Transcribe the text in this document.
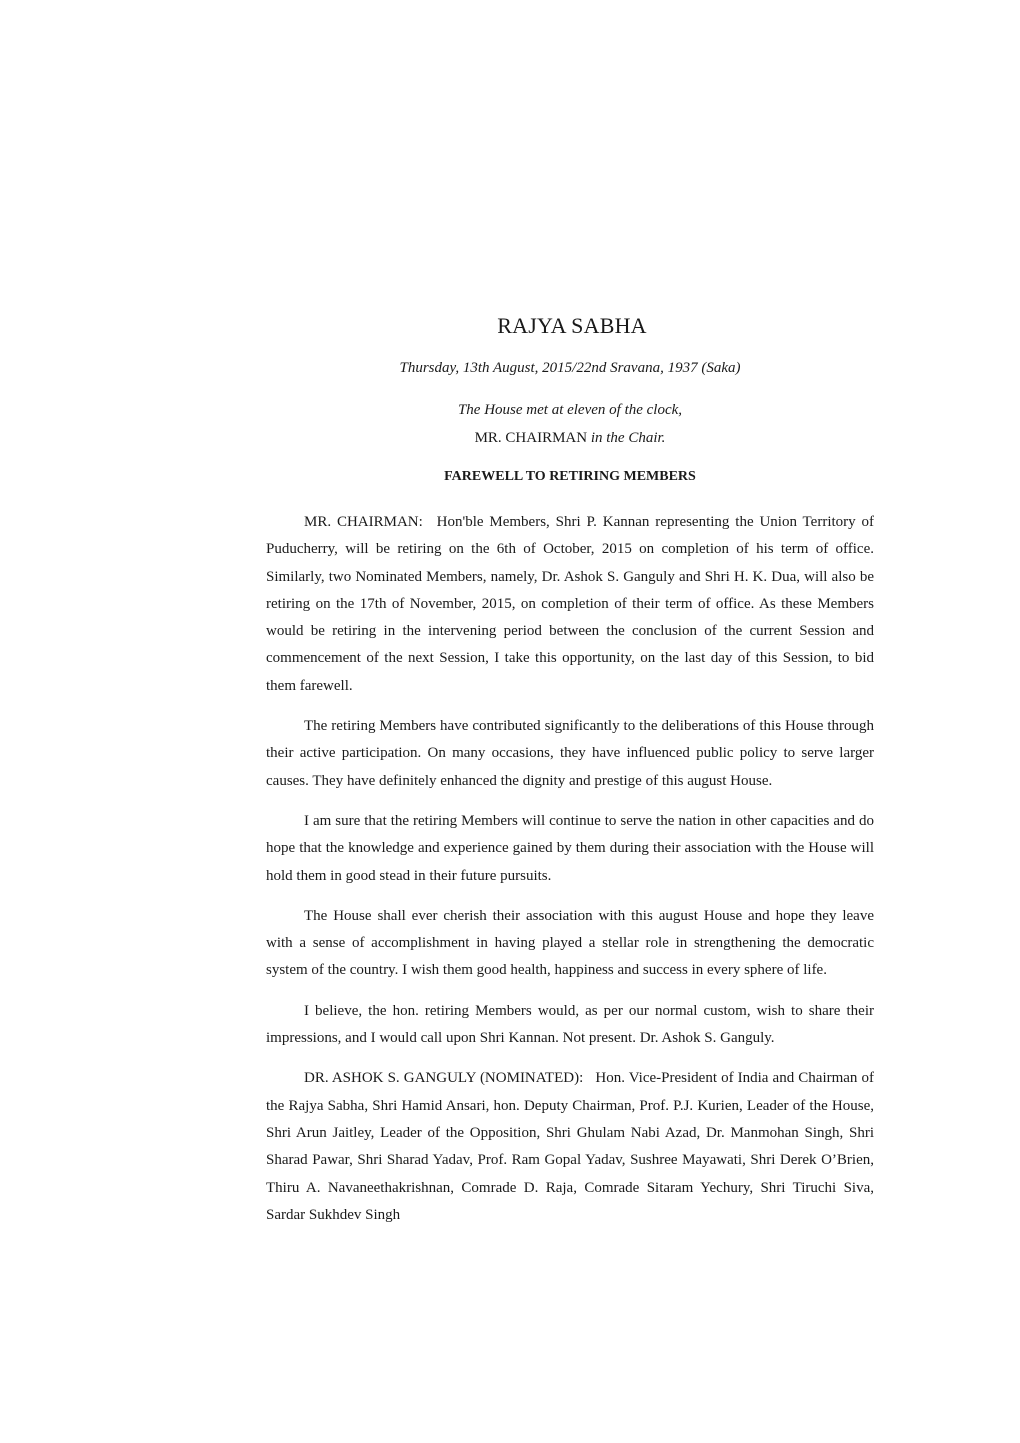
RAJYA SABHA
Thursday, 13th August, 2015/22nd Sravana, 1937 (Saka)
The House met at eleven of the clock,
MR. CHAIRMAN in the Chair.
FAREWELL TO RETIRING MEMBERS

MR. CHAIRMAN: Hon'ble Members, Shri P. Kannan representing the Union Territory of Puducherry, will be retiring on the 6th of October, 2015 on completion of his term of office. Similarly, two Nominated Members, namely, Dr. Ashok S. Ganguly and Shri H. K. Dua, will also be retiring on the 17th of November, 2015, on completion of their term of office. As these Members would be retiring in the intervening period between the conclusion of the current Session and commencement of the next Session, I take this opportunity, on the last day of this Session, to bid them farewell.

The retiring Members have contributed significantly to the deliberations of this House through their active participation. On many occasions, they have influenced public policy to serve larger causes. They have definitely enhanced the dignity and prestige of this august House.

I am sure that the retiring Members will continue to serve the nation in other capacities and do hope that the knowledge and experience gained by them during their association with the House will hold them in good stead in their future pursuits.

The House shall ever cherish their association with this august House and hope they leave with a sense of accomplishment in having played a stellar role in strengthening the democratic system of the country. I wish them good health, happiness and success in every sphere of life.

I believe, the hon. retiring Members would, as per our normal custom, wish to share their impressions, and I would call upon Shri Kannan. Not present. Dr. Ashok S. Ganguly.

DR. ASHOK S. GANGULY (NOMINATED): Hon. Vice-President of India and Chairman of the Rajya Sabha, Shri Hamid Ansari, hon. Deputy Chairman, Prof. P.J. Kurien, Leader of the House, Shri Arun Jaitley, Leader of the Opposition, Shri Ghulam Nabi Azad, Dr. Manmohan Singh, Shri Sharad Pawar, Shri Sharad Yadav, Prof. Ram Gopal Yadav, Sushree Mayawati, Shri Derek O’Brien, Thiru A. Navaneethakrishnan, Comrade D. Raja, Comrade Sitaram Yechury, Shri Tiruchi Siva, Sardar Sukhdev Singh
